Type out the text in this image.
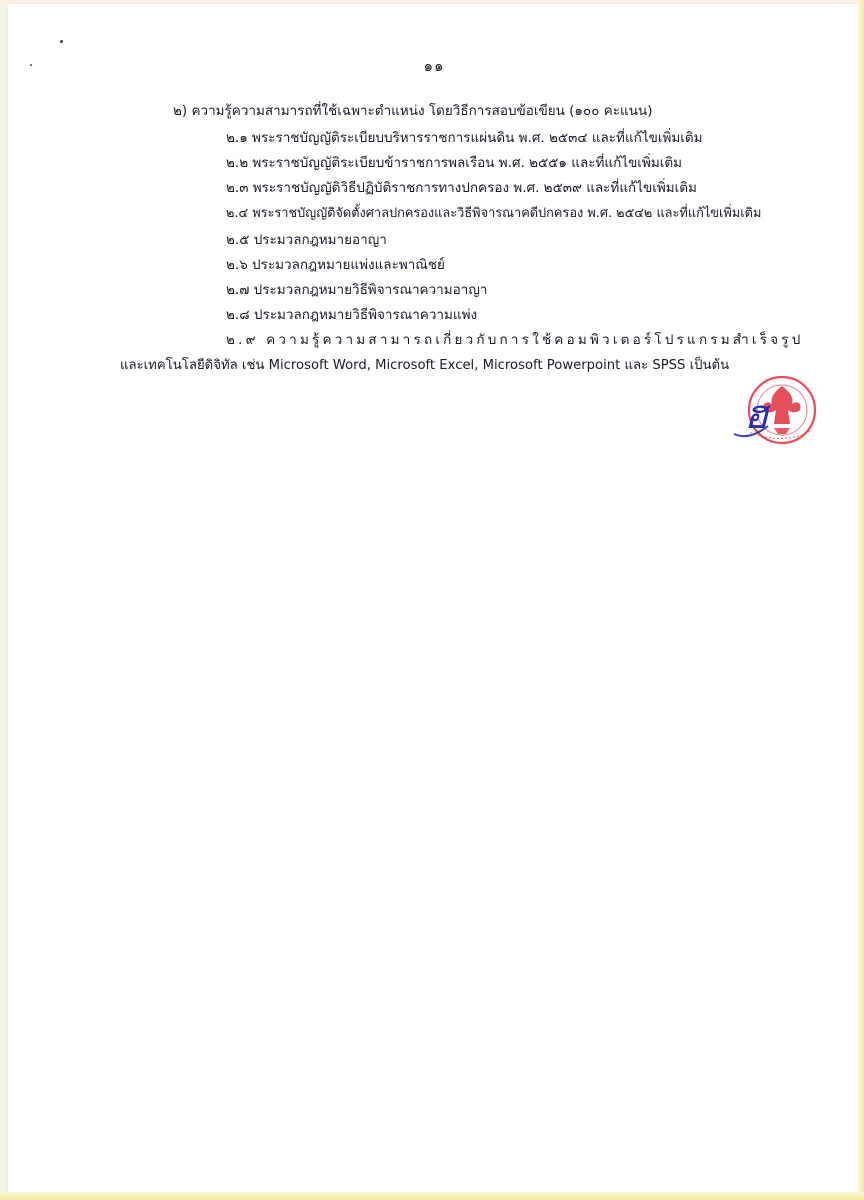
๑๑
๒) ความรู้ความสามารถที่ใช้เฉพาะตำแหน่ง โดยวิธีการสอบข้อเขียน (๑๐๐ คะแนน)
๒.๑ พระราชบัญญัติระเบียบบริหารราชการแผ่นดิน พ.ศ. ๒๕๓๔ และที่แก้ไขเพิ่มเติม
๒.๒ พระราชบัญญัติระเบียบข้าราชการพลเรือน พ.ศ. ๒๕๕๑ และที่แก้ไขเพิ่มเติม
๒.๓ พระราชบัญญัติวิธีปฏิบัติราชการทางปกครอง พ.ศ. ๒๕๓๙ และที่แก้ไขเพิ่มเติม
๒.๔ พระราชบัญญัติจัดตั้งศาลปกครองและวิธีพิจารณาคดีปกครอง พ.ศ. ๒๕๔๒ และที่แก้ไขเพิ่มเติม
๒.๕ ประมวลกฎหมายอาญา
๒.๖ ประมวลกฎหมายแพ่งและพาณิชย์
๒.๗ ประมวลกฎหมายวิธีพิจารณาความอาญา
๒.๘ ประมวลกฎหมายวิธีพิจารณาความแพ่ง
๒.๙ ความรู้ความสามารถเกี่ยวกับการใช้คอมพิวเตอร์โปรแกรมสำเร็จรูป
และเทคโนโลยีดิจิทัล เช่น Microsoft Word, Microsoft Excel, Microsoft Powerpoint และ SPSS เป็นต้น
ฮ
